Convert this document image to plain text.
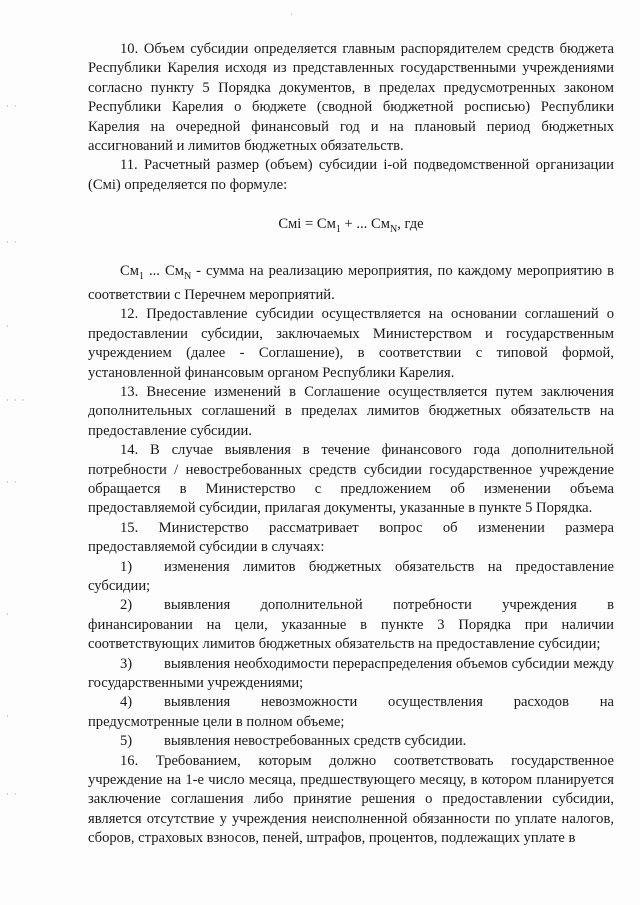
·
· ·
· ·
·
· · ·
· ·
·
·
· ·

10. Объем субсидии определяется главным распорядителем средств бюджета Республики Карелия исходя из представленных государственными учреждениями согласно пункту 5 Порядка документов, в пределах предусмотренных законом Республики Карелия о бюджете (сводной бюджетной росписью) Республики Карелия на очередной финансовый год и на плановый период бюджетных ассигнований и лимитов бюджетных обязательств.

11. Расчетный размер (объем) субсидии i-ой подведомственной организации (Смi) определяется по формуле:

Смi = $См_1$ + ... $См_N$, где

$См_1$ ... $См_N$ - сумма на реализацию мероприятия, по каждому мероприятию в соответствии с Перечнем мероприятий.

12. Предоставление субсидии осуществляется на основании соглашений о предоставлении субсидии, заключаемых Министерством и государственным учреждением (далее - Соглашение), в соответствии с типовой формой, установленной финансовым органом Республики Карелия.

13. Внесение изменений в Соглашение осуществляется путем заключения дополнительных соглашений в пределах лимитов бюджетных обязательств на предоставление субсидии.

14. В случае выявления в течение финансового года дополнительной потребности / невостребованных средств субсидии государственное учреждение обращается в Министерство с предложением об изменении объема предоставляемой субсидии, прилагая документы, указанные в пункте 5 Порядка.

15. Министерство рассматривает вопрос об изменении размера предоставляемой субсидии в случаях:

1) изменения лимитов бюджетных обязательств на предоставление субсидии;

2) выявления дополнительной потребности учреждения в финансировании на цели, указанные в пункте 3 Порядка при наличии соответствующих лимитов бюджетных обязательств на предоставление субсидии;

3) выявления необходимости перераспределения объемов субсидии между государственными учреждениями;

4) выявления невозможности осуществления расходов на предусмотренные цели в полном объеме;

5) выявления невостребованных средств субсидии.

16. Требованием, которым должно соответствовать государственное учреждение на 1-е число месяца, предшествующего месяцу, в котором планируется заключение соглашения либо принятие решения о предоставлении субсидии, является отсутствие у учреждения неисполненной обязанности по уплате налогов, сборов, страховых взносов, пеней, штрафов, процентов, подлежащих уплате в
